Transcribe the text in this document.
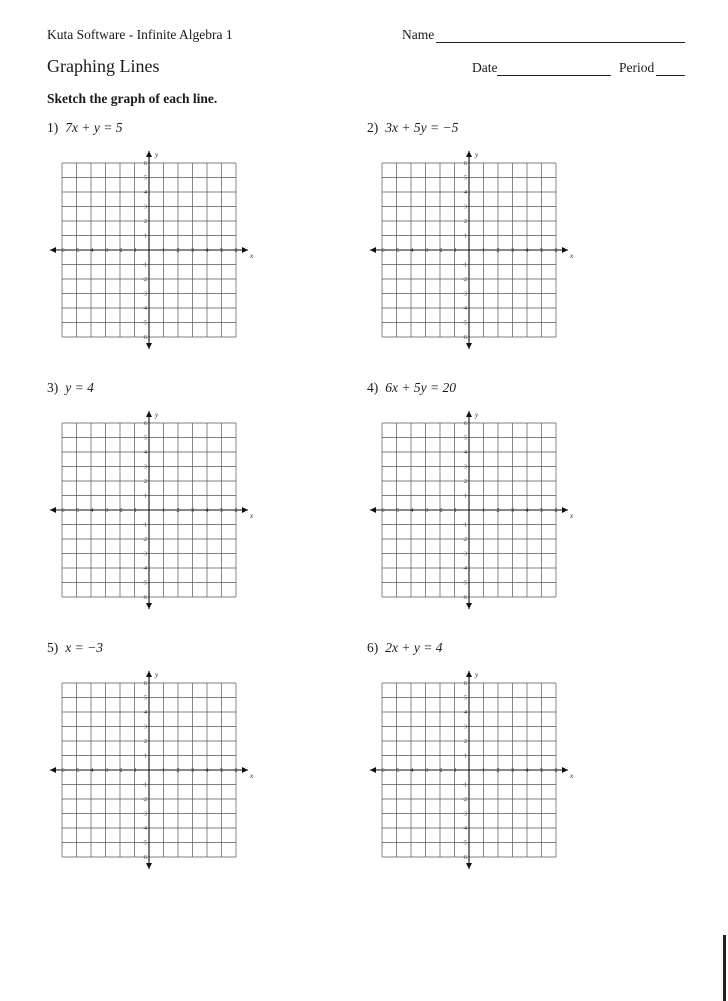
Kuta Software - Infinite Algebra 1	Name
Graphing Lines	Date	Period
Sketch the graph of each line.
1) 7x + y = 5
-6 -5 -4 -3 -2 -1	1 2 3 4 5 6
6
5
4
3
2
1
-1
-2
-3
-4
-5
-6
x
y
2) 3x + 5y = −5
-6 -5 -4 -3 -2 -1	1 2 3 4 5 6
6
5
4
3
2
1
-1
-2
-3
-4
-5
-6
x
y
3) y = 4
-6 -5 -4 -3 -2 -1	1 2 3 4 5 6
6
5
4
3
2
1
-1
-2
-3
-4
-5
-6
x
y
4) 6x + 5y = 20
-6 -5 -4 -3 -2 -1	1 2 3 4 5 6
6
5
4
3
2
1
-1
-2
-3
-4
-5
-6
x
y
5) x = −3
-6 -5 -4 -3 -2 -1	1 2 3 4 5 6
6
5
4
3
2
1
-1
-2
-3
-4
-5
-6
x
y
6) 2x + y = 4
-6 -5 -4 -3 -2 -1	1 2 3 4 5 6
6
5
4
3
2
1
-1
-2
-3
-4
-5
-6
x
y
